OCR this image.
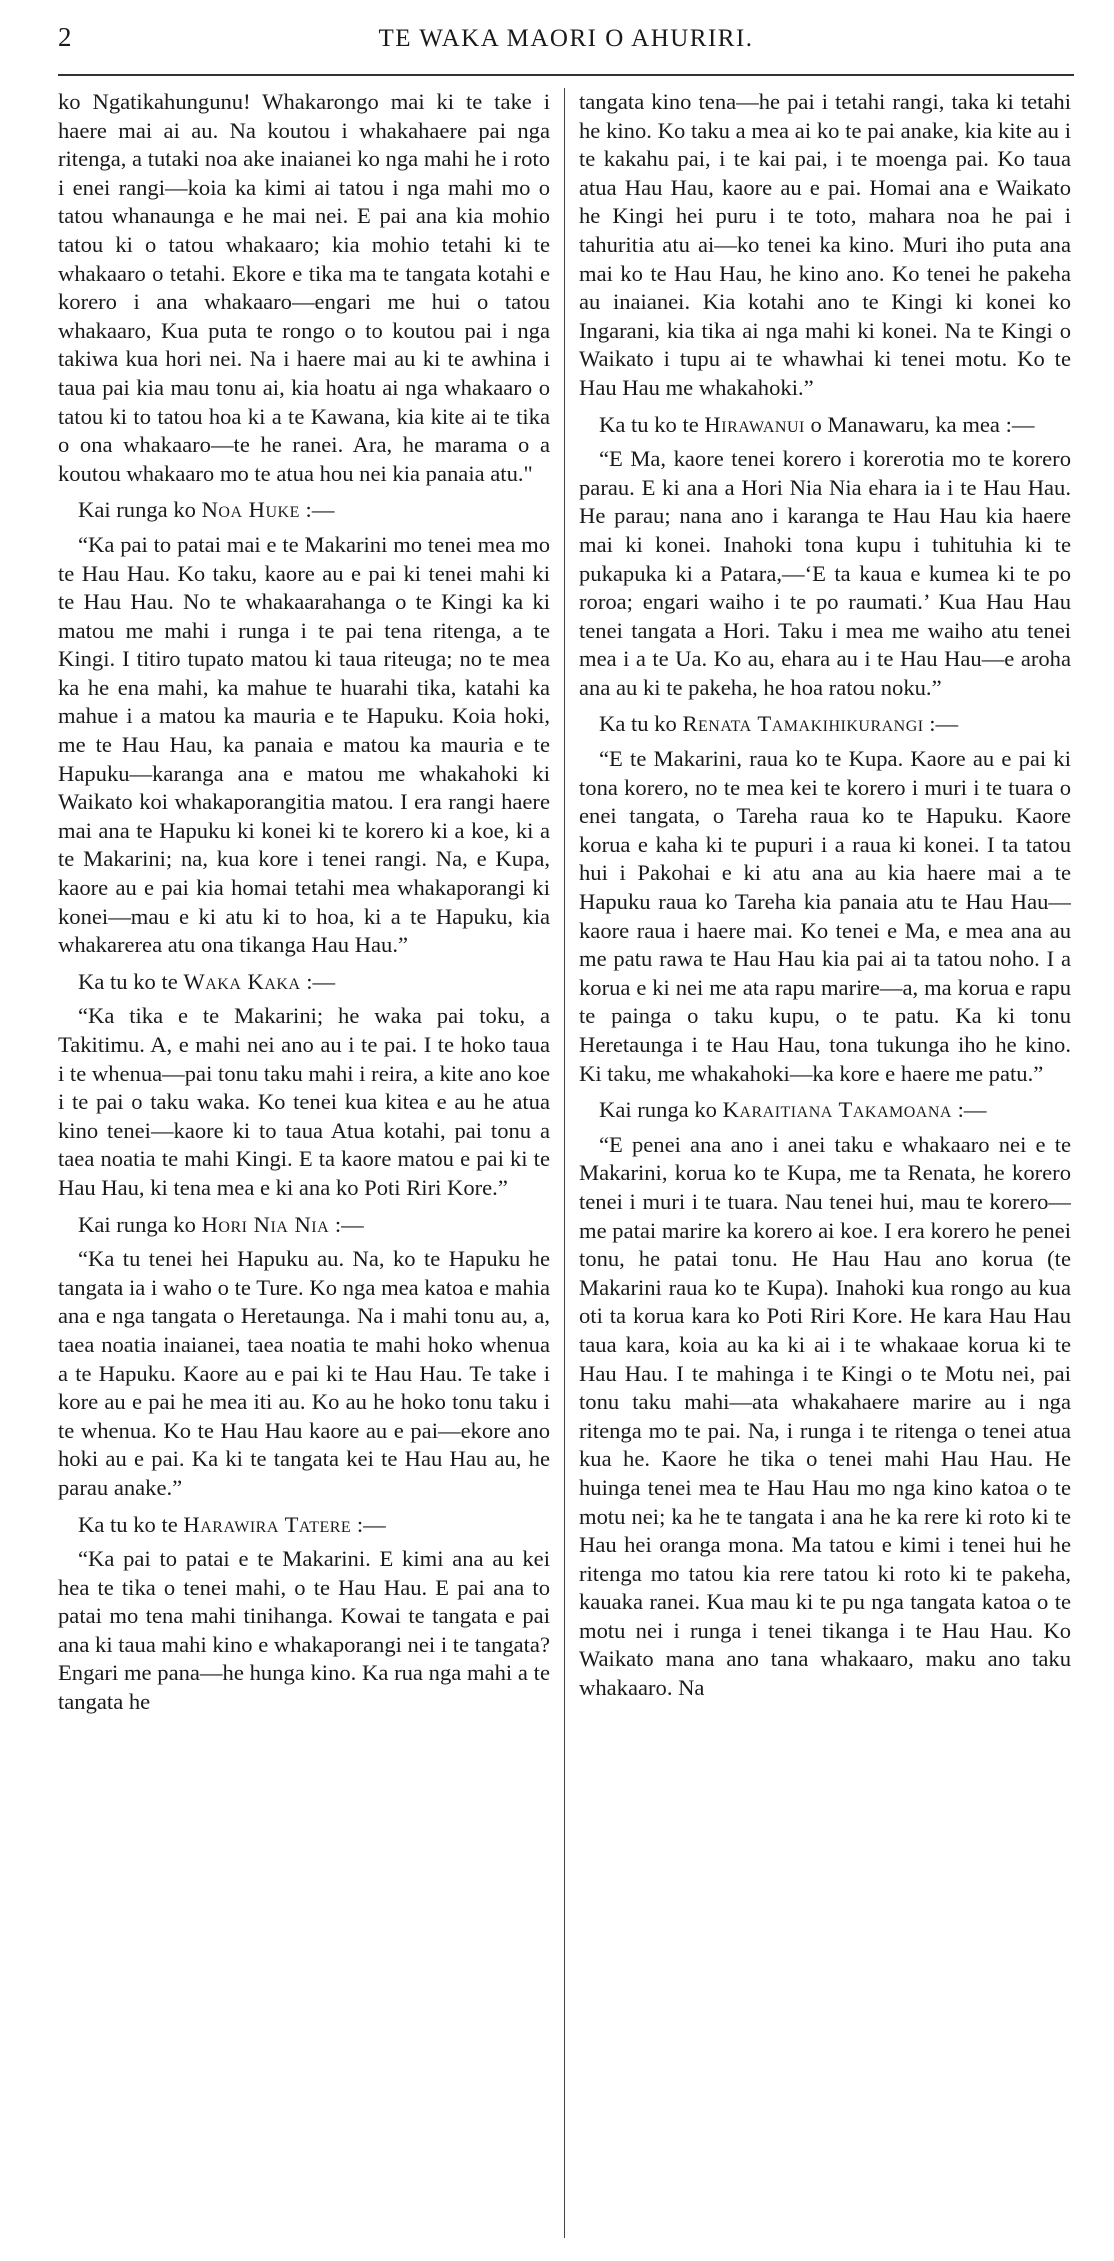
2	TE WAKA MAORI O AHURIRI.

ko Ngatikahungunu! Whakarongo mai ki te take i haere mai ai au. Na koutou i whakahaere pai nga ritenga, a tutaki noa ake inaianei ko nga mahi he i roto i enei rangi—koia ka kimi ai tatou i nga mahi mo o tatou whanaunga e he mai nei. E pai ana kia mohio tatou ki o tatou whakaaro; kia mohio tetahi ki te whakaaro o tetahi. Ekore e tika ma te tangata kotahi e korero i ana whakaaro—engari me hui o tatou whakaaro, Kua puta te rongo o to koutou pai i nga takiwa kua hori nei. Na i haere mai au ki te awhina i taua pai kia mau tonu ai, kia hoatu ai nga whakaaro o tatou ki to tatou hoa ki a te Kawana, kia kite ai te tika o ona whakaaro—te he ranei. Ara, he marama o a koutou whakaaro mo te atua hou nei kia panaia atu."

Kai runga ko Noa Huke :—

“Ka pai to patai mai e te Makarini mo tenei mea mo te Hau Hau. Ko taku, kaore au e pai ki tenei mahi ki te Hau Hau. No te whakaarahanga o te Kingi ka ki matou me mahi i runga i te pai tena ritenga, a te Kingi. I titiro tupato matou ki taua riteuga; no te mea ka he ena mahi, ka mahue te huarahi tika, katahi ka mahue i a matou ka mauria e te Hapuku. Koia hoki, me te Hau Hau, ka panaia e matou ka mauria e te Hapuku—karanga ana e matou me whakahoki ki Waikato koi whakaporangitia matou. I era rangi haere mai ana te Hapuku ki konei ki te korero ki a koe, ki a te Makarini; na, kua kore i tenei rangi. Na, e Kupa, kaore au e pai kia homai tetahi mea whakaporangi ki konei—mau e ki atu ki to hoa, ki a te Hapuku, kia whakarerea atu ona tikanga Hau Hau.”

Ka tu ko te Waka Kaka :—

“Ka tika e te Makarini; he waka pai toku, a Takitimu. A, e mahi nei ano au i te pai. I te hoko taua i te whenua—pai tonu taku mahi i reira, a kite ano koe i te pai o taku waka. Ko tenei kua kitea e au he atua kino tenei—kaore ki to taua Atua kotahi, pai tonu a taea noatia te mahi Kingi. E ta kaore matou e pai ki te Hau Hau, ki tena mea e ki ana ko Poti Riri Kore.”

Kai runga ko Hori Nia Nia :—

“Ka tu tenei hei Hapuku au. Na, ko te Hapuku he tangata ia i waho o te Ture. Ko nga mea katoa e mahia ana e nga tangata o Heretaunga. Na i mahi tonu au, a, taea noatia inaianei, taea noatia te mahi hoko whenua a te Hapuku. Kaore au e pai ki te Hau Hau. Te take i kore au e pai he mea iti au. Ko au he hoko tonu taku i te whenua. Ko te Hau Hau kaore au e pai—ekore ano hoki au e pai. Ka ki te tangata kei te Hau Hau au, he parau anake.”

Ka tu ko te Harawira Tatere :—

“Ka pai to patai e te Makarini. E kimi ana au kei hea te tika o tenei mahi, o te Hau Hau. E pai ana to patai mo tena mahi tinihanga. Kowai te tangata e pai ana ki taua mahi kino e whakaporangi nei i te tangata? Engari me pana—he hunga kino. Ka rua nga mahi a te tangata he

tangata kino tena—he pai i tetahi rangi, taka ki tetahi he kino. Ko taku a mea ai ko te pai anake, kia kite au i te kakahu pai, i te kai pai, i te moenga pai. Ko taua atua Hau Hau, kaore au e pai. Homai ana e Waikato he Kingi hei puru i te toto, mahara noa he pai i tahuritia atu ai—ko tenei ka kino. Muri iho puta ana mai ko te Hau Hau, he kino ano. Ko tenei he pakeha au inaianei. Kia kotahi ano te Kingi ki konei ko Ingarani, kia tika ai nga mahi ki konei. Na te Kingi o Waikato i tupu ai te whawhai ki tenei motu. Ko te Hau Hau me whakahoki.”

Ka tu ko te Hirawanui o Manawaru, ka mea :—

“E Ma, kaore tenei korero i korerotia mo te korero parau. E ki ana a Hori Nia Nia ehara ia i te Hau Hau. He parau; nana ano i karanga te Hau Hau kia haere mai ki konei. Inahoki tona kupu i tuhituhia ki te pukapuka ki a Patara,—‘E ta kaua e kumea ki te po roroa; engari waiho i te po raumati.’ Kua Hau Hau tenei tangata a Hori. Taku i mea me waiho atu tenei mea i a te Ua. Ko au, ehara au i te Hau Hau—e aroha ana au ki te pakeha, he hoa ratou noku.”

Ka tu ko Renata Tamakihikurangi :—

“E te Makarini, raua ko te Kupa. Kaore au e pai ki tona korero, no te mea kei te korero i muri i te tuara o enei tangata, o Tareha raua ko te Hapuku. Kaore korua e kaha ki te pupuri i a raua ki konei. I ta tatou hui i Pakohai e ki atu ana au kia haere mai a te Hapuku raua ko Tareha kia panaia atu te Hau Hau—kaore raua i haere mai. Ko tenei e Ma, e mea ana au me patu rawa te Hau Hau kia pai ai ta tatou noho. I a korua e ki nei me ata rapu marire—a, ma korua e rapu te painga o taku kupu, o te patu. Ka ki tonu Heretaunga i te Hau Hau, tona tukunga iho he kino. Ki taku, me whakahoki—ka kore e haere me patu.”

Kai runga ko Karaitiana Takamoana :—

“E penei ana ano i anei taku e whakaaro nei e te Makarini, korua ko te Kupa, me ta Renata, he korero tenei i muri i te tuara. Nau tenei hui, mau te korero—me patai marire ka korero ai koe. I era korero he penei tonu, he patai tonu. He Hau Hau ano korua (te Makarini raua ko te Kupa). Inahoki kua rongo au kua oti ta korua kara ko Poti Riri Kore. He kara Hau Hau taua kara, koia au ka ki ai i te whakaae korua ki te Hau Hau. I te mahinga i te Kingi o te Motu nei, pai tonu taku mahi—ata whakahaere marire au i nga ritenga mo te pai. Na, i runga i te ritenga o tenei atua kua he. Kaore he tika o tenei mahi Hau Hau. He huinga tenei mea te Hau Hau mo nga kino katoa o te motu nei; ka he te tangata i ana he ka rere ki roto ki te Hau hei oranga mona. Ma tatou e kimi i tenei hui he ritenga mo tatou kia rere tatou ki roto ki te pakeha, kauaka ranei. Kua mau ki te pu nga tangata katoa o te motu nei i runga i tenei tikanga i te Hau Hau. Ko Waikato mana ano tana whakaaro, maku ano taku whakaaro. Na
